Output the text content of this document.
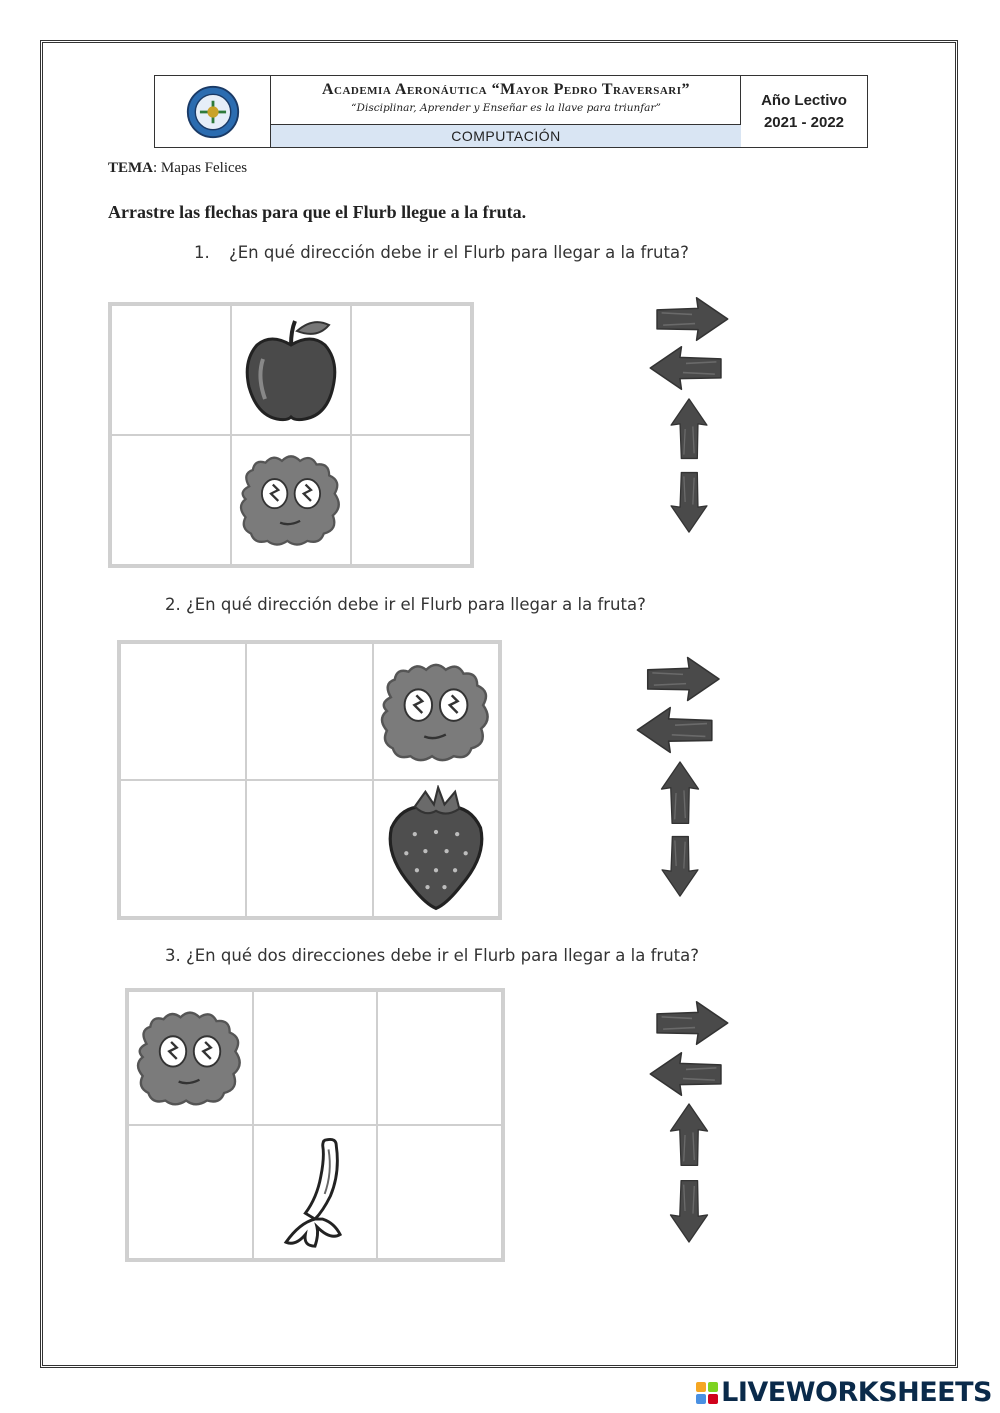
Academia Aeronáutica “Mayor Pedro Traversari”
“Disciplinar, Aprender y Enseñar es la llave para triunfar”
COMPUTACIÓN
Año Lectivo
2021 - 2022
TEMA: Mapas Felices
Arrastre las flechas para que el Flurb llegue a la fruta.
1. ¿En qué dirección debe ir el Flurb para llegar a la fruta?
2. ¿En qué dirección debe ir el Flurb para llegar a la fruta?
3. ¿En qué dos direcciones debe ir el Flurb para llegar a la fruta?
LIVEWORKSHEETS
